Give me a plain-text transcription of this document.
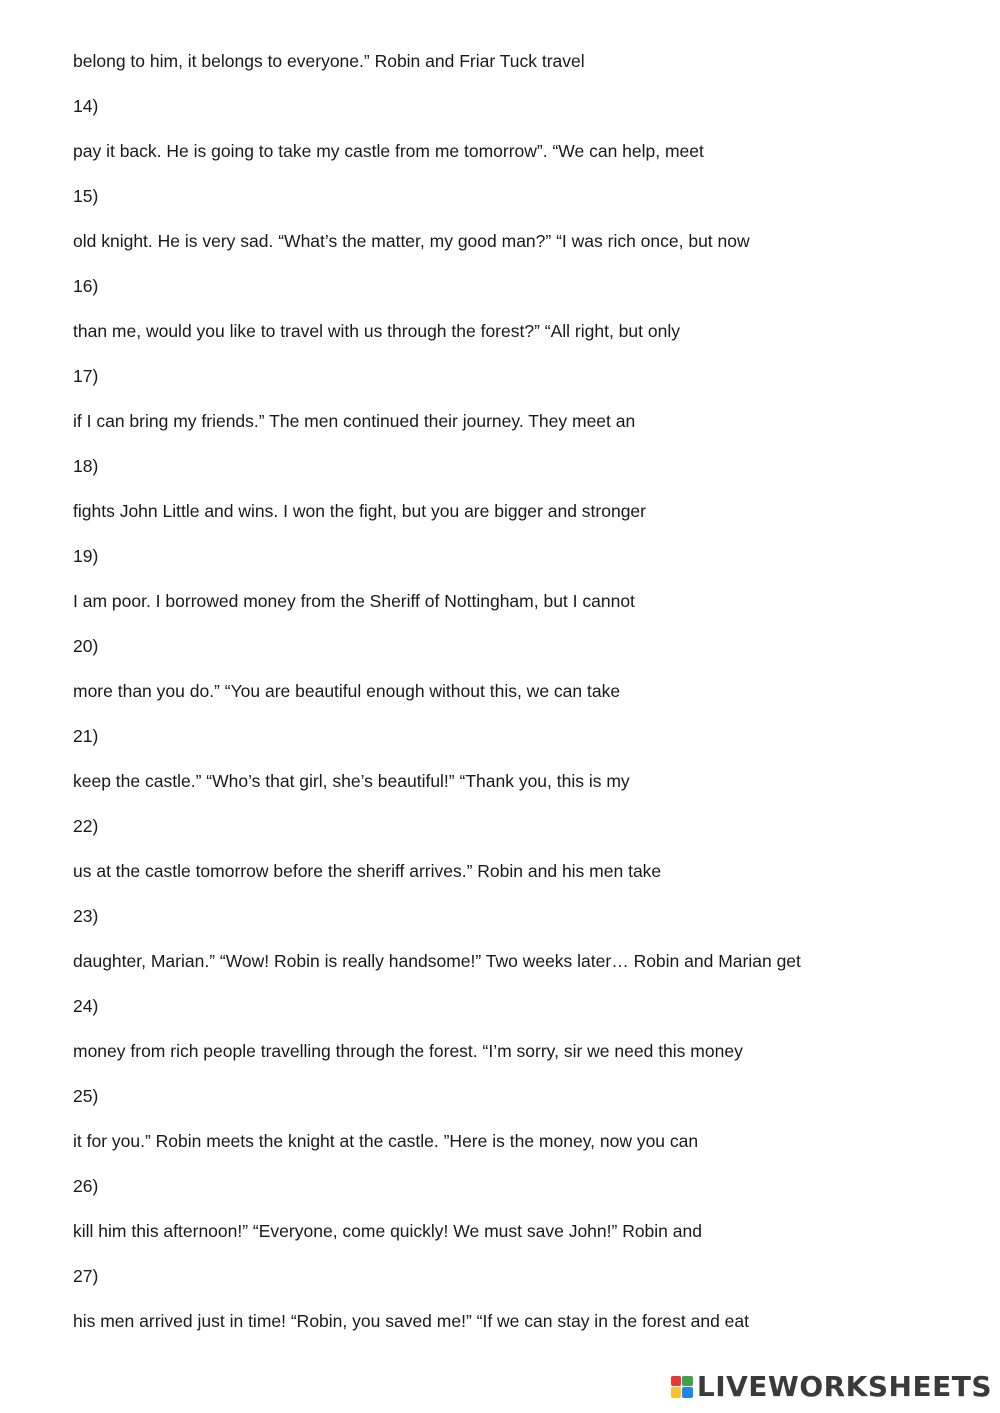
belong to him, it belongs to everyone.” Robin and Friar Tuck travel
14)
pay it back. He is going to take my castle from me tomorrow”. “We can help, meet
15)
old knight. He is very sad. “What’s the matter, my good man?” “I was rich once, but now
16)
than me, would you like to travel with us through the forest?” “All right, but only
17)
if I can bring my friends.” The men continued their journey. They meet an
18)
fights John Little and wins. I won the fight, but you are bigger and stronger
19)
I am poor. I borrowed money from the Sheriff of Nottingham, but I cannot
20)
more than you do.” “You are beautiful enough without this, we can take
21)
keep the castle.” “Who’s that girl, she’s beautiful!” “Thank you, this is my
22)
us at the castle tomorrow before the sheriff arrives.” Robin and his men take
23)
daughter, Marian.” “Wow! Robin is really handsome!” Two weeks later… Robin and Marian get
24)
money from rich people travelling through the forest. “I’m sorry, sir we need this money
25)
it for you.” Robin meets the knight at the castle. ”Here is the money, now you can
26)
kill him this afternoon!” “Everyone, come quickly! We must save John!” Robin and
27)
his men arrived just in time! “Robin, you saved me!” “If we can stay in the forest and eat
LIVEWORKSHEETS
